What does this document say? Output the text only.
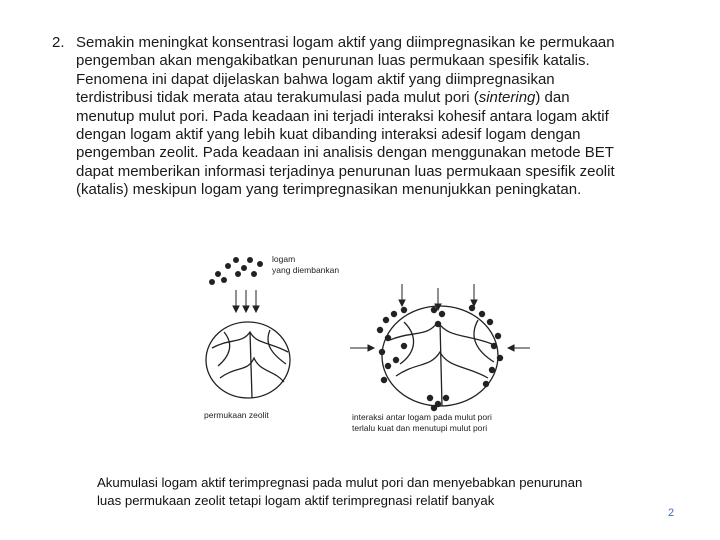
2. Semakin meningkat konsentrasi logam aktif yang diimpregnasikan ke permukaan
pengemban akan mengakibatkan penurunan luas permukaan spesifik katalis.
Fenomena ini dapat dijelaskan bahwa logam aktif yang diimpregnasikan
terdistribusi tidak merata atau terakumulasi pada mulut pori (sintering) dan
menutup mulut pori. Pada keadaan ini terjadi interaksi kohesif antara logam aktif
dengan logam aktif yang lebih kuat dibanding interaksi adesif logam dengan
pengemban zeolit. Pada keadaan ini analisis dengan menggunakan metode BET
dapat memberikan informasi terjadinya penurunan luas permukaan spesifik zeolit
(katalis) meskipun logam yang terimpregnasikan menunjukkan peningkatan.
logam
yang diembankan
permukaan zeolit	interaksi antar logam pada mulut pori
terlalu kuat dan menutupi mulut pori
Akumulasi logam aktif terimpregnasi pada mulut pori dan menyebabkan penurunan
luas permukaan zeolit tetapi logam aktif terimpregnasi relatif banyak
2
